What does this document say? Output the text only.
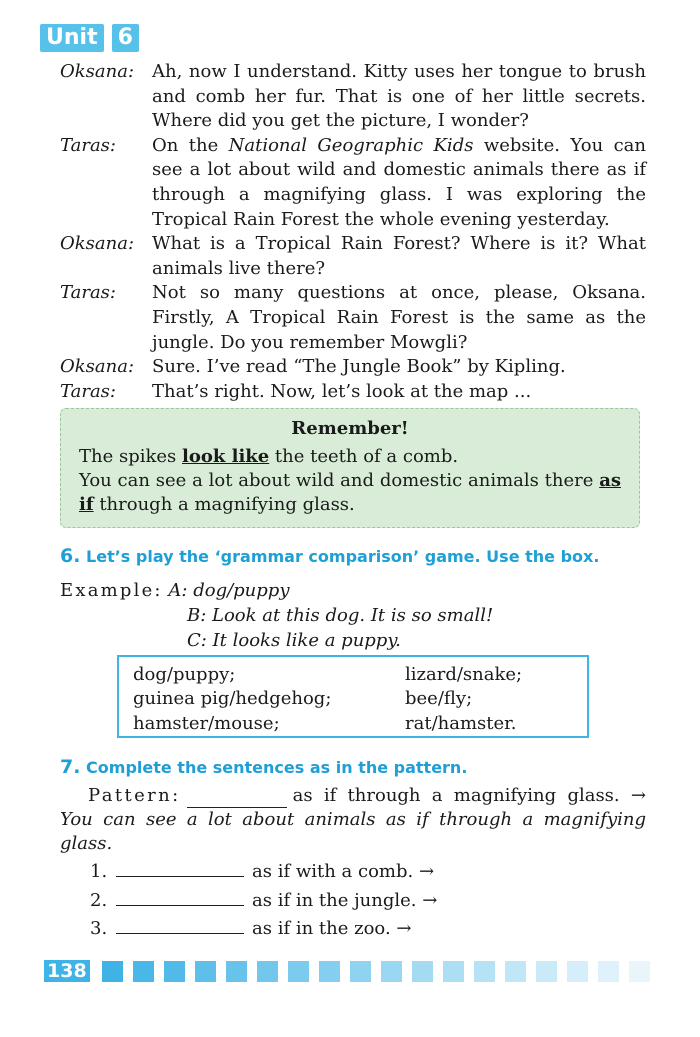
Unit 6
Oksana: Ah, now I understand. Kitty uses her tongue to brush and comb her fur. That is one of her little secrets. Where did you get the picture, I wonder?
Taras:	On the National Geographic Kids website. You can see a lot about wild and domestic animals there as if through a magnifying glass. I was exploring the Tropical Rain Forest the whole evening yesterday.
Oksana: What is a Tropical Rain Forest? Where is it? What animals live there?
Taras:	Not so many questions at once, please, Oksana. Firstly, A Tropical Rain Forest is the same as the jungle. Do you remember Mowgli?
Oksana: Sure. I’ve read “The Jungle Book” by Kipling.
Taras:	That’s right. Now, let’s look at the map ...
Remember!

The spikes look like the teeth of a comb.

You can see a lot about wild and domestic animals there as if through a magnifying glass.

6. Let’s play the ‘grammar comparison’ game. Use the box.
Example: A: dog/puppy
B: Look at this dog. It is so small!
C: It looks like a puppy.
dog/puppy;	lizard/snake;
guinea pig/hedgehog;	bee/fly;
hamster/mouse;	rat/hamster.
7. Complete the sentences as in the pattern.
Pattern:	as if through a magnifying glass. → You can see a lot about animals as if through a magnifying glass.
1.	as if with a comb. →
2.	as if in the jungle. →
3.	as if in the zoo. →
138
